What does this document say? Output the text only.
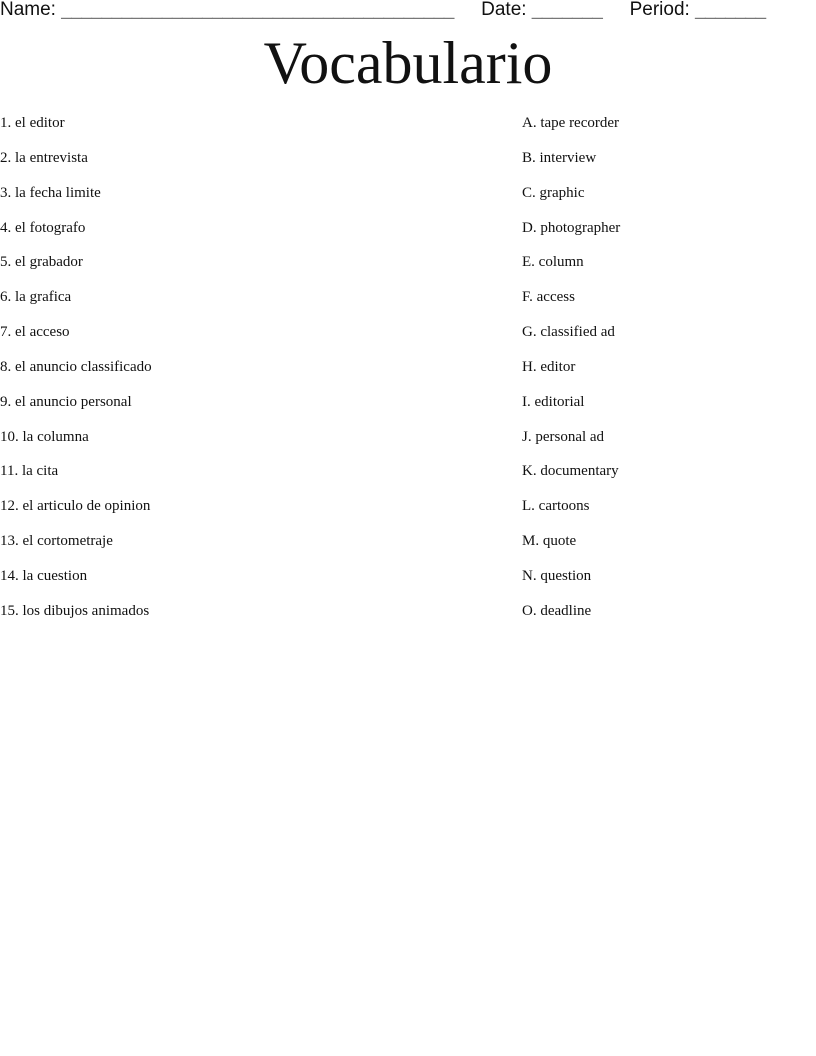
Name: _______________________________________ Date: _______ Period: _______
Vocabulario
1. el editor
2. la entrevista
3. la fecha limite
4. el fotografo
5. el grabador
6. la grafica
7. el acceso
8. el anuncio classificado
9. el anuncio personal
10. la columna
11. la cita
12. el articulo de opinion
13. el cortometraje
14. la cuestion
15. los dibujos animados
A. tape recorder
B. interview
C. graphic
D. photographer
E. column
F. access
G. classified ad
H. editor
I. editorial
J. personal ad
K. documentary
L. cartoons
M. quote
N. question
O. deadline
